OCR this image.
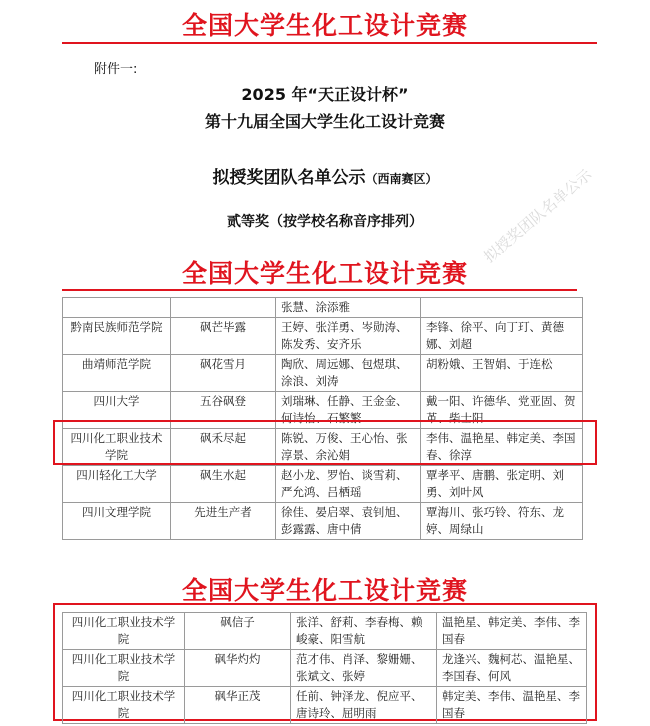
全国大学生化工设计竞赛
附件一:
2025 年“天正设计杯”
第十九届全国大学生化工设计竞赛
拟授奖团队名单公示（西南赛区）
贰等奖（按学校名称音序排列）	拟授奖团队名单公示
全国大学生化工设计竞赛
		张慧、涂添雅	
黔南民族师范学院	砜芒毕露	王婷、张洋勇、岑勋涛、陈发秀、安齐乐	李锋、徐平、向丁玎、黄德娜、刘超
曲靖师范学院	砜花雪月	陶欣、周远娜、包煜琪、涂浪、刘涛	胡粉娥、王智娟、于连松
四川大学	五谷砜登	刘瑞琳、任静、王金金、何诗怡、石繁繁	戴一阳、许德华、党亚固、贺革、柴士阳
四川化工职业技术学院	砜禾尽起	陈锐、万俊、王心怡、张淳景、余沁娟	李伟、温艳星、韩定美、李国春、徐淳
四川轻化工大学	砜生水起	赵小龙、罗怡、谈雪莉、严允鸿、吕栖瑶	覃孝平、唐鹏、张定明、刘勇、刘叶风
四川文理学院	先进生产者	徐佳、晏启翠、袁钊旭、彭露露、唐中倩	覃海川、张巧铃、符东、龙婷、周绿山
全国大学生化工设计竞赛
四川化工职业技术学院	砜信子	张洋、舒莉、李春梅、赖峻豪、阳雪航	温艳星、韩定美、李伟、李国春
四川化工职业技术学院	砜华灼灼	范才伟、肖泽、黎姗姗、张斌文、张婷	龙逢兴、魏柯芯、温艳星、李国春、何风
四川化工职业技术学院	砜华正茂	任前、钟泽龙、倪应平、唐诗玲、屈明雨	韩定美、李伟、温艳星、李国春
